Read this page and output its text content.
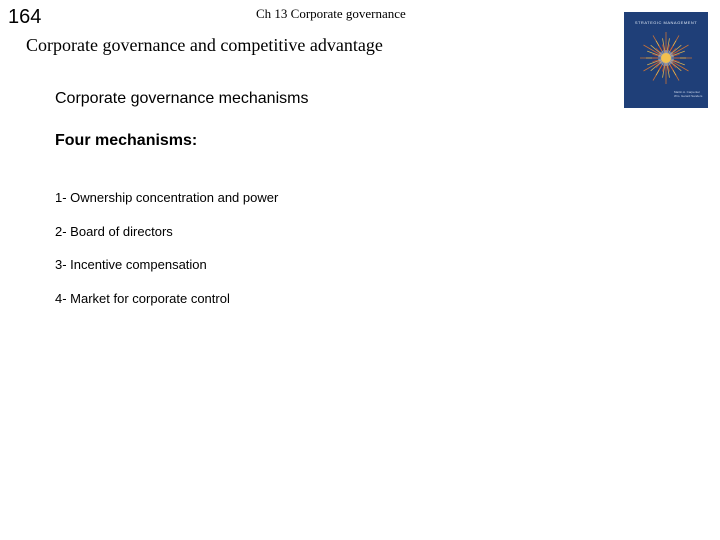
164	Ch 13 Corporate governance
Corporate governance and competitive advantage
Corporate governance mechanisms
Four mechanisms:
1- Ownership concentration and power
2- Board of directors
3- Incentive compensation
4- Market for corporate control
STRATEGIC MANAGEMENT
Martin A. Carpenter
Wm. Gerard Sanders
